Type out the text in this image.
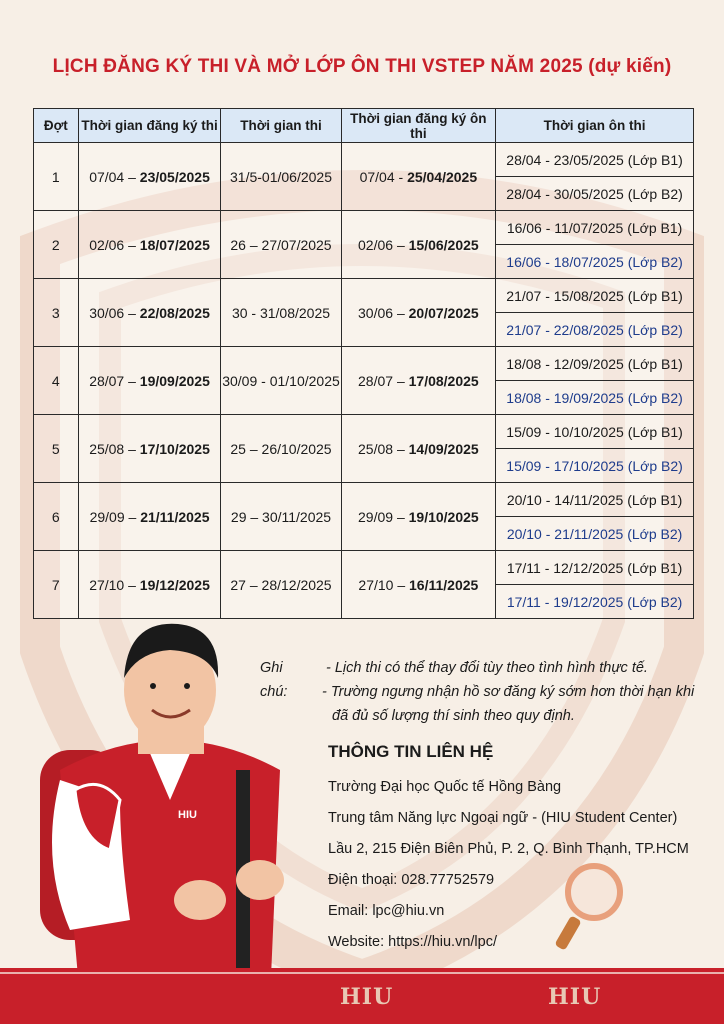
LỊCH ĐĂNG KÝ THI VÀ MỞ LỚP ÔN THI VSTEP NĂM 2025 (dự kiến)
Đợt	Thời gian đăng ký thi	Thời gian thi	Thời gian đăng ký ôn thi	Thời gian ôn thi
1	07/04 – 23/05/2025	31/5-01/06/2025	07/04 - 25/04/2025	28/04 - 23/05/2025 (Lớp B1)
				28/04 - 30/05/2025 (Lớp B2)
2	02/06 – 18/07/2025	26 – 27/07/2025	02/06 – 15/06/2025	16/06 - 11/07/2025 (Lớp B1)
				16/06 - 18/07/2025 (Lớp B2)
3	30/06 – 22/08/2025	30 - 31/08/2025	30/06 – 20/07/2025	21/07 - 15/08/2025 (Lớp B1)
				21/07 - 22/08/2025 (Lớp B2)
4	28/07 – 19/09/2025	30/09 - 01/10/2025	28/07 – 17/08/2025	18/08 - 12/09/2025 (Lớp B1)
				18/08 - 19/09/2025 (Lớp B2)
5	25/08 – 17/10/2025	25 – 26/10/2025	25/08 – 14/09/2025	15/09 - 10/10/2025 (Lớp B1)
				15/09 - 17/10/2025 (Lớp B2)
6	29/09 – 21/11/2025	29 – 30/11/2025	29/09 – 19/10/2025	20/10 - 14/11/2025 (Lớp B1)
				20/10 - 21/11/2025 (Lớp B2)
7	27/10 – 19/12/2025	27 – 28/12/2025	27/10 – 16/11/2025	17/11 - 12/12/2025 (Lớp B1)
				17/11 - 19/12/2025 (Lớp B2)
HIU
Ghi chú:
- Lịch thi có thể thay đổi tùy theo tình hình thực tế.
- Trường ngưng nhận hồ sơ đăng ký sớm hơn thời hạn khi
đã đủ số lượng thí sinh theo quy định.
THÔNG TIN LIÊN HỆ
Trường Đại học Quốc tế Hồng Bàng
Trung tâm Năng lực Ngoại ngữ - (HIU Student Center)
Lầu 2, 215 Điện Biên Phủ, P. 2, Q. Bình Thạnh, TP.HCM
Điện thoại: 028.77752579
Email: lpc@hiu.vn
Website: https://hiu.vn/lpc/
HIU	HIU
